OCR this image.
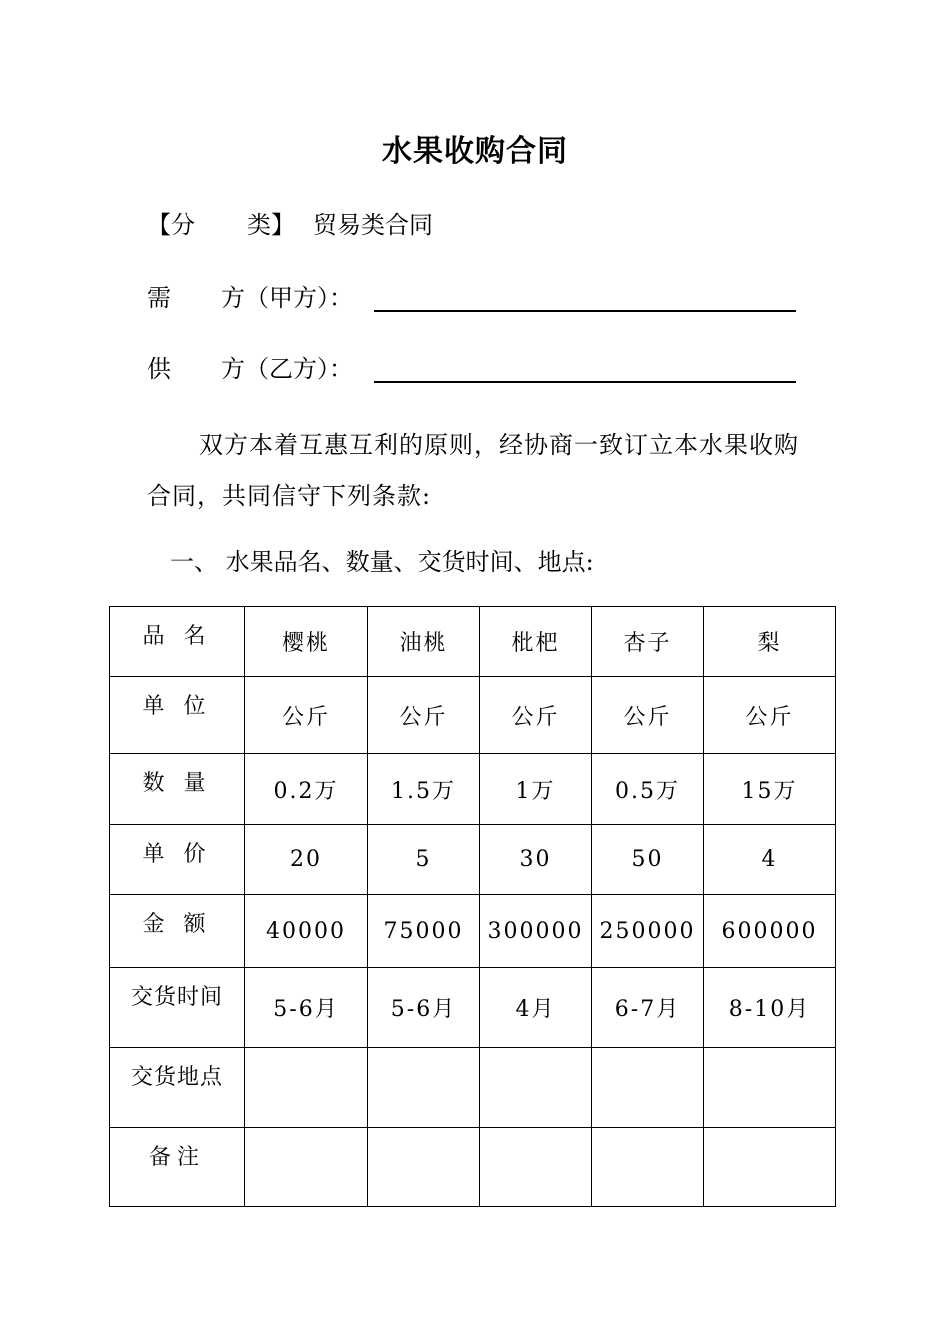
水果收购合同
【分 类】 贸易类合同
需 方（甲方）：
供 方（乙方）：
双方本着互惠互利的原则，经协商一致订立本水果收购合同，共同信守下列条款:
一、 水果品名、数量、交货时间、地点:
品 名	樱桃	油桃	枇杷	杏子	梨
单 位	公斤	公斤	公斤	公斤	公斤
数 量	0.2万	1.5万	1万	0.5万	15万
单 价	20	5	30	50	4
金 额	40000	75000	300000	250000	600000
交货时间	5-6月	5-6月	4月	6-7月	8-10月
交货地点					
备注					
